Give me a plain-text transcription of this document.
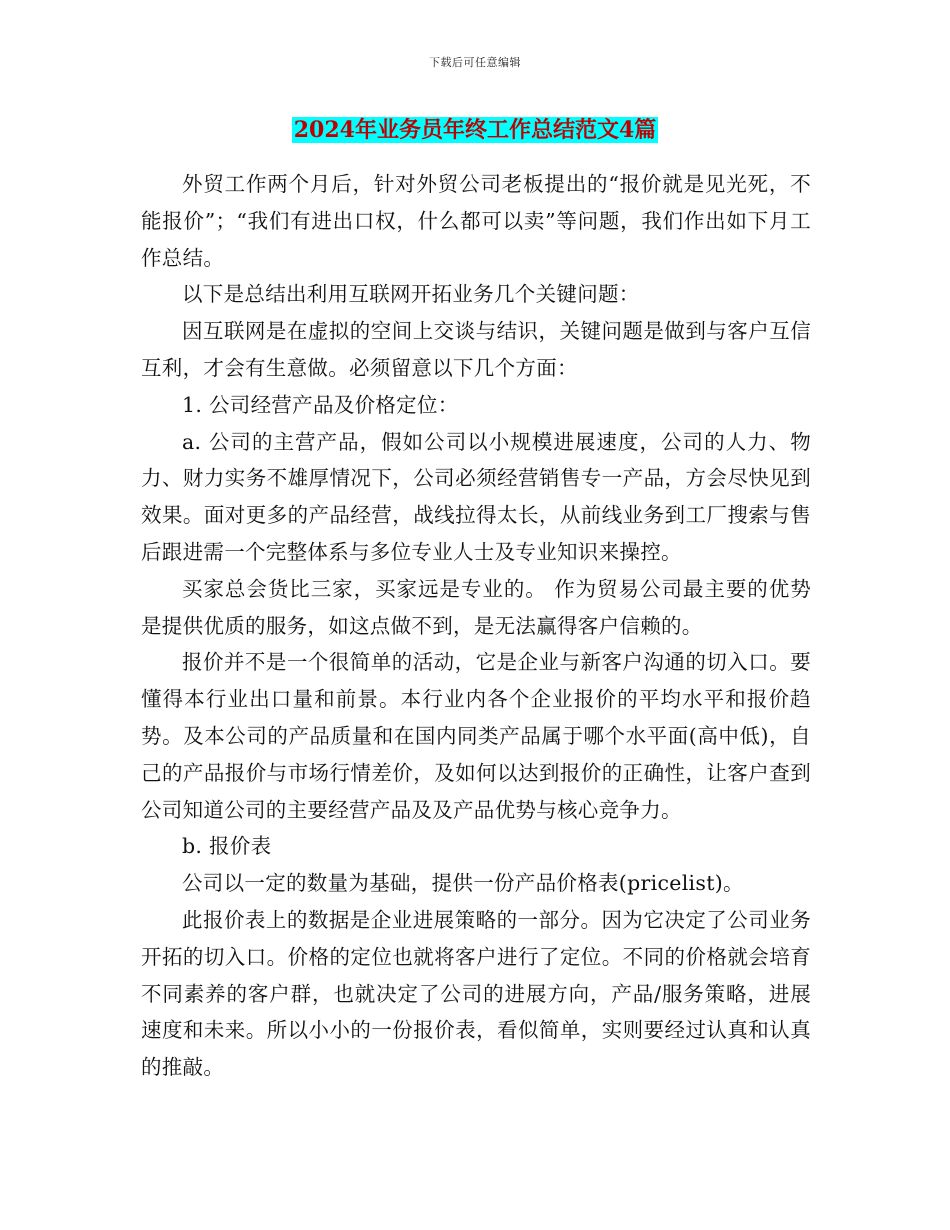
下载后可任意编辑
2024年业务员年终工作总结范文4篇

外贸工作两个月后，针对外贸公司老板提出的“报价就是见光死，不能报价”；“我们有进出口权，什么都可以卖”等问题，我们作出如下月工作总结。

以下是总结出利用互联网开拓业务几个关键问题：

因互联网是在虚拟的空间上交谈与结识，关键问题是做到与客户互信互利，才会有生意做。必须留意以下几个方面：

1. 公司经营产品及价格定位：

a. 公司的主营产品，假如公司以小规模进展速度，公司的人力、物力、财力实务不雄厚情况下，公司必须经营销售专一产品，方会尽快见到效果。面对更多的产品经营，战线拉得太长，从前线业务到工厂搜索与售后跟进需一个完整体系与多位专业人士及专业知识来操控。

买家总会货比三家，买家远是专业的。 作为贸易公司最主要的优势是提供优质的服务，如这点做不到，是无法赢得客户信赖的。

报价并不是一个很简单的活动，它是企业与新客户沟通的切入口。要懂得本行业出口量和前景。本行业内各个企业报价的平均水平和报价趋势。及本公司的产品质量和在国内同类产品属于哪个水平面(高中低)，自己的产品报价与市场行情差价，及如何以达到报价的正确性，让客户查到公司知道公司的主要经营产品及及产品优势与核心竞争力。

b. 报价表

公司以一定的数量为基础，提供一份产品价格表(pricelist)。

此报价表上的数据是企业进展策略的一部分。因为它决定了公司业务开拓的切入口。价格的定位也就将客户进行了定位。不同的价格就会培育不同素养的客户群，也就决定了公司的进展方向，产品/服务策略，进展速度和未来。所以小小的一份报价表，看似简单，实则要经过认真和认真的推敲。
